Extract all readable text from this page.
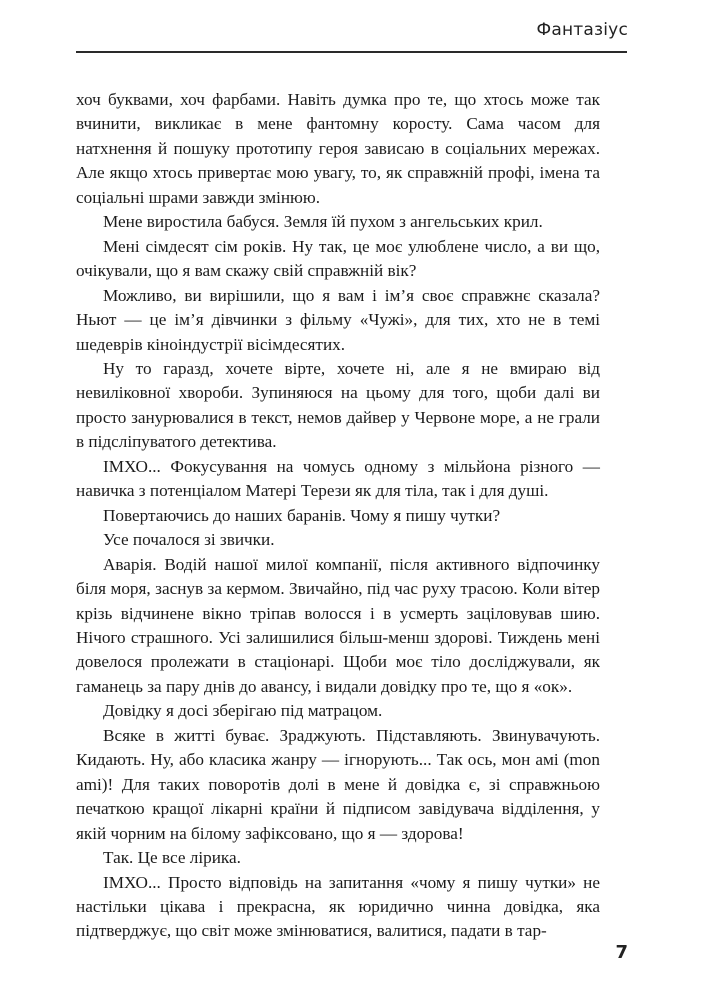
Фантазіус

хоч буквами, хоч фарбами. Навіть думка про те, що хтось може так вчинити, викликає в мене фантомну коросту. Сама часом для натхнення й пошуку прототипу героя зависаю в соціальних мережах. Але якщо хтось привертає мою увагу, то, як справжній профі, імена та соціальні шрами завжди змінюю.

Мене виростила бабуся. Земля їй пухом з ангельських крил.

Мені сімдесят сім років. Ну так, це моє улюблене число, а ви що, очікували, що я вам скажу свій справжній вік?

Можливо, ви вирішили, що я вам і ім’я своє справжнє сказала? Ньют — це ім’я дівчинки з фільму «Чужі», для тих, хто не в темі шедеврів кіноіндустрії вісімдесятих.

Ну то гаразд, хочете вірте, хочете ні, але я не вмираю від невиліковної хвороби. Зупиняюся на цьому для того, щоби далі ви просто занурювалися в текст, немов дайвер у Червоне море, а не грали в підсліпуватого детектива.

ІМХО... Фокусування на чомусь одному з мільйона різного — навичка з потенціалом Матері Терези як для тіла, так і для душі.

Повертаючись до наших баранів. Чому я пишу чутки?

Усе почалося зі звички.

Аварія. Водій нашої милої компанії, після активного відпочинку біля моря, заснув за кермом. Звичайно, під час руху трасою. Коли вітер крізь відчинене вікно тріпав волосся і в усмерть заціловував шию. Нічого страшного. Усі залишилися більш-менш здорові. Тиждень мені довелося пролежати в стаціонарі. Щоби моє тіло досліджували, як гаманець за пару днів до авансу, і видали довідку про те, що я «ок».

Довідку я досі зберігаю під матрацом.

Всяке в житті буває. Зраджують. Підставляють. Звинувачують. Кидають. Ну, або класика жанру — ігнорують... Так ось, мон амі (mon ami)! Для таких поворотів долі в мене й довідка є, зі справжньою печаткою кращої лікарні країни й підписом завідувача відділення, у якій чорним на білому зафіксовано, що я — здорова!

Так. Це все лірика.

ІМХО... Просто відповідь на запитання «чому я пишу чутки» не настільки цікава і прекрасна, як юридично чинна довідка, яка підтверджує, що світ може змінюватися, валитися, падати в тар-

7
